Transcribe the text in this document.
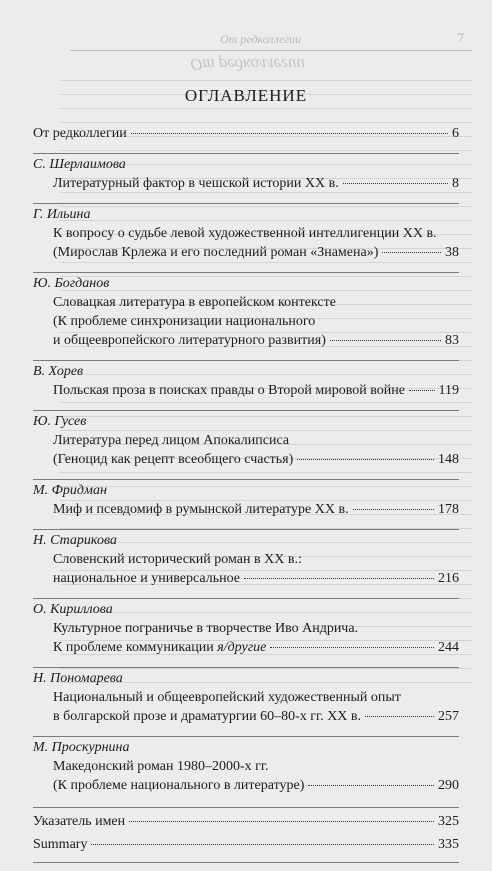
От редколлегии	7
От редколлегии
ОГЛАВЛЕНИЕ
От редколлегии	6
С. Шерлаимова
Литературный фактор в чешской истории XX в.	8
Г. Ильина
К вопросу о судьбе левой художественной интеллигенции XX в.
(Мирослав Крлежа и его последний роман «Знамена»)	38
Ю. Богданов
Словацкая литература в европейском контексте
(К проблеме синхронизации национального
и общеевропейского литературного развития)	83
В. Хорев
Польская проза в поисках правды о Второй мировой войне 119
Ю. Гусев
Литература перед лицом Апокалипсиса
(Геноцид как рецепт всеобщего счастья)	148
М. Фридман
Миф и псевдомиф в румынской литературе XX в.	178
Н. Старикова
Словенский исторический роман в XX в.:
национальное и универсальное	216
О. Кириллова
Культурное пограничье в творчестве Иво Андрича.
К проблеме коммуникации я/другие	244
Н. Пономарева
Национальный и общеевропейский художественный опыт
в болгарской прозе и драматургии 60–80-х гг. XX в.	257
М. Проскурнина
Македонский роман 1980–2000-х гг.
(К проблеме национального в литературе)	290
Указатель имен	325
Summary	335
